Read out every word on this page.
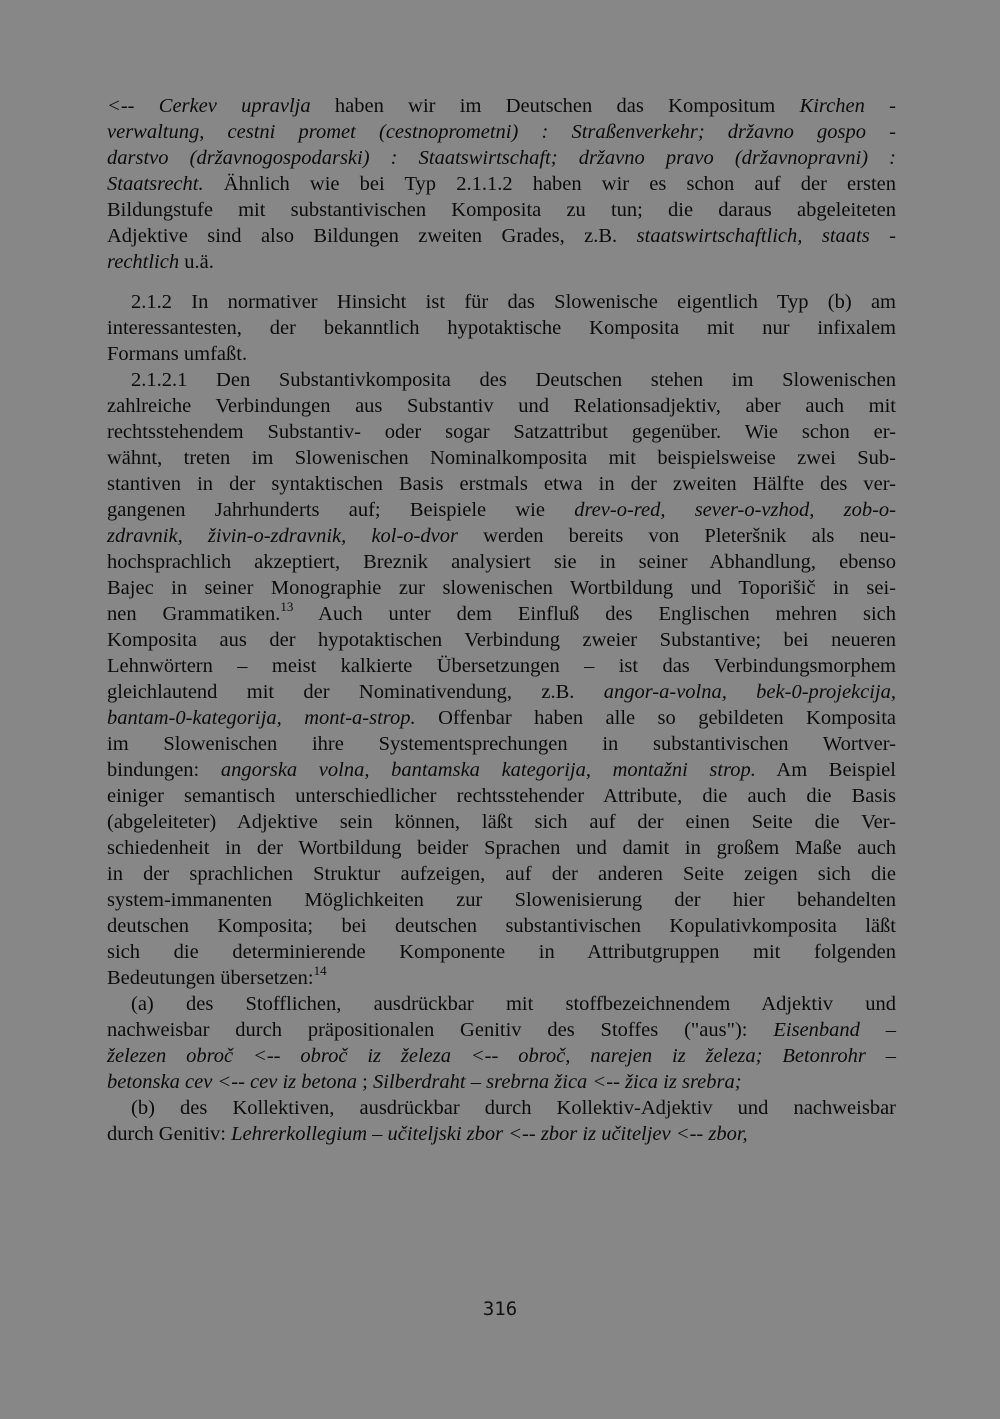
<-- Cerkev upravlja haben wir im Deutschen das Kompositum Kirchen -
verwaltung, cestni promet (cestnoprometni) : Straßenverkehr; državno gospo -
darstvo (državnogospodarski) : Staatswirtschaft; državno pravo (državnopravni) :
Staatsrecht. Ähnlich wie bei Typ 2.1.1.2 haben wir es schon auf der ersten
Bildungstufe mit substantivischen Komposita zu tun; die daraus abgeleiteten
Adjektive sind also Bildungen zweiten Grades, z.B. staatswirtschaftlich, staats -
rechtlich u.ä.
2.1.2 In normativer Hinsicht ist für das Slowenische eigentlich Typ (b) am
interessantesten, der bekanntlich hypotaktische Komposita mit nur infixalem
Formans umfaßt.
2.1.2.1 Den Substantivkomposita des Deutschen stehen im Slowenischen
zahlreiche Verbindungen aus Substantiv und Relationsadjektiv, aber auch mit
rechtsstehendem Substantiv- oder sogar Satzattribut gegenüber. Wie schon er-
wähnt, treten im Slowenischen Nominalkomposita mit beispielsweise zwei Sub-
stantiven in der syntaktischen Basis erstmals etwa in der zweiten Hälfte des ver-
gangenen Jahrhunderts auf; Beispiele wie drev-o-red, sever-o-vzhod, zob-o-
zdravnik, živin-o-zdravnik, kol-o-dvor werden bereits von Pleteršnik als neu-
hochsprachlich akzeptiert, Breznik analysiert sie in seiner Abhandlung, ebenso
Bajec in seiner Monographie zur slowenischen Wortbildung und Toporišič in sei-
nen Grammatiken.$^{13}$ Auch unter dem Einfluß des Englischen mehren sich
Komposita aus der hypotaktischen Verbindung zweier Substantive; bei neueren
Lehnwörtern – meist kalkierte Übersetzungen – ist das Verbindungsmorphem
gleichlautend mit der Nominativendung, z.B. angor-a-volna, bek-0-projekcija,
bantam-0-kategorija, mont-a-strop. Offenbar haben alle so gebildeten Komposita
im Slowenischen ihre Systementsprechungen in substantivischen Wortver-
bindungen: angorska volna, bantamska kategorija, montažni strop. Am Beispiel
einiger semantisch unterschiedlicher rechtsstehender Attribute, die auch die Basis
(abgeleiteter) Adjektive sein können, läßt sich auf der einen Seite die Ver-
schiedenheit in der Wortbildung beider Sprachen und damit in großem Maße auch
in der sprachlichen Struktur aufzeigen, auf der anderen Seite zeigen sich die
system-immanenten Möglichkeiten zur Slowenisierung der hier behandelten
deutschen Komposita; bei deutschen substantivischen Kopulativkomposita läßt
sich die determinierende Komponente in Attributgruppen mit folgenden
Bedeutungen übersetzen:$^{14}$
(a) des Stofflichen, ausdrückbar mit stoffbezeichnendem Adjektiv und
nachweisbar durch präpositionalen Genitiv des Stoffes ("aus"): Eisenband –
železen obroč <-- obroč iz železa <-- obroč, narejen iz železa; Betonrohr –
betonska cev <-- cev iz betona ; Silberdraht – srebrna žica <-- žica iz srebra;
(b) des Kollektiven, ausdrückbar durch Kollektiv-Adjektiv und nachweisbar
durch Genitiv: Lehrerkollegium – učiteljski zbor <-- zbor iz učiteljev <-- zbor,
316
